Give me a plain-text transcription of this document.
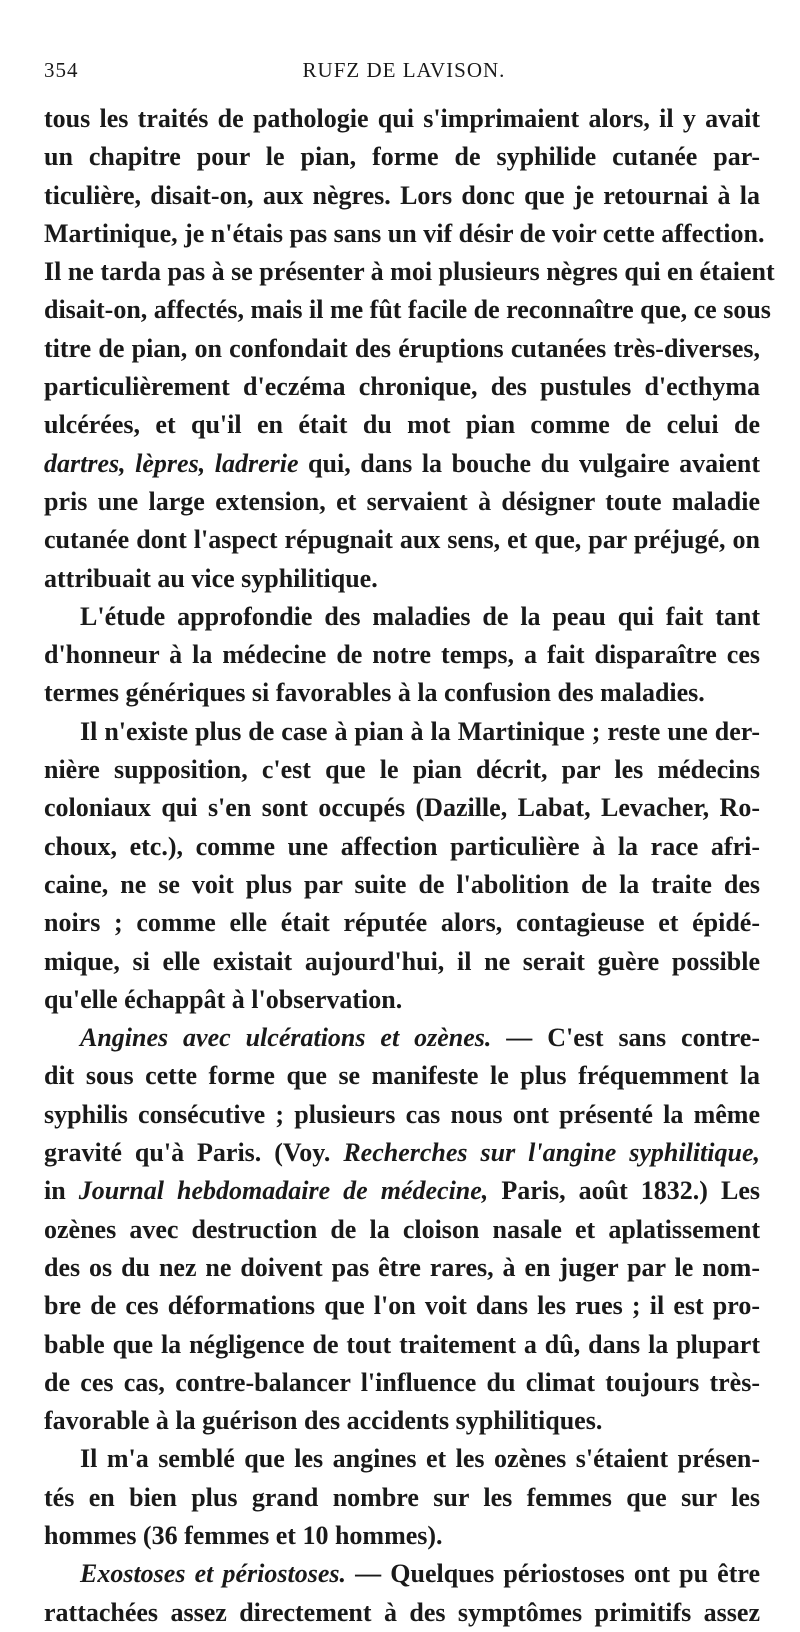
354	RUFZ DE LAVISON.
tous les traités de pathologie qui s'imprimaient alors, il y avait
un chapitre pour le pian, forme de syphilide cutanée par-
ticulière, disait-on, aux nègres. Lors donc que je retournai à la
Martinique, je n'étais pas sans un vif désir de voir cette affection.
Il ne tarda pas à se présenter à moi plusieurs nègres qui en étaient
disait-on, affectés, mais il me fût facile de reconnaître que, ce sous
titre de pian, on confondait des éruptions cutanées très-diverses,
particulièrement d'eczéma chronique, des pustules d'ecthyma
ulcérées, et qu'il en était du mot pian comme de celui de
dartres, lèpres, ladrerie qui, dans la bouche du vulgaire avaient
pris une large extension, et servaient à désigner toute maladie
cutanée dont l'aspect répugnait aux sens, et que, par préjugé, on
attribuait au vice syphilitique.
L'étude approfondie des maladies de la peau qui fait tant
d'honneur à la médecine de notre temps, a fait disparaître ces
termes génériques si favorables à la confusion des maladies.
Il n'existe plus de case à pian à la Martinique ; reste une der-
nière supposition, c'est que le pian décrit, par les médecins
coloniaux qui s'en sont occupés (Dazille, Labat, Levacher, Ro-
choux, etc.), comme une affection particulière à la race afri-
caine, ne se voit plus par suite de l'abolition de la traite des
noirs ; comme elle était réputée alors, contagieuse et épidé-
mique, si elle existait aujourd'hui, il ne serait guère possible
qu'elle échappât à l'observation.
Angines avec ulcérations et ozènes. — C'est sans contre-
dit sous cette forme que se manifeste le plus fréquemment la
syphilis consécutive ; plusieurs cas nous ont présenté la même
gravité qu'à Paris. (Voy. Recherches sur l'angine syphilitique,
in Journal hebdomadaire de médecine, Paris, août 1832.) Les
ozènes avec destruction de la cloison nasale et aplatissement
des os du nez ne doivent pas être rares, à en juger par le nom-
bre de ces déformations que l'on voit dans les rues ; il est pro-
bable que la négligence de tout traitement a dû, dans la plupart
de ces cas, contre-balancer l'influence du climat toujours très-
favorable à la guérison des accidents syphilitiques.
Il m'a semblé que les angines et les ozènes s'étaient présen-
tés en bien plus grand nombre sur les femmes que sur les
hommes (36 femmes et 10 hommes).
Exostoses et périostoses. — Quelques périostoses ont pu être
rattachées assez directement à des symptômes primitifs assez
